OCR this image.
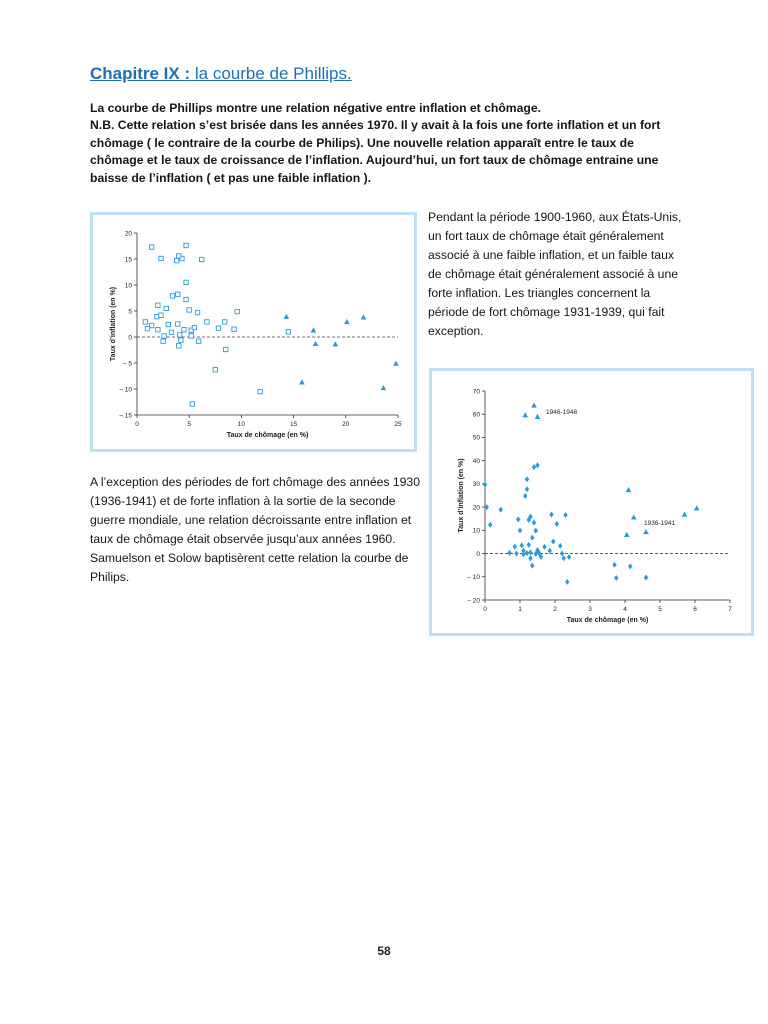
Chapitre IX : la courbe de Phillips.

La courbe de Phillips montre une relation négative entre inflation et chômage.

N.B. Cette relation s’est brisée dans les années 1970. Il y avait à la fois une forte inflation et un fort chômage ( le contraire de la courbe de Philips). Une nouvelle relation apparaît entre le taux de chômage et le taux de croissance de l’inflation. Aujourd’hui, un fort taux de chômage entraine une baisse de l’inflation ( et pas une faible inflation ).

0	5	10	15	20	25
20
15
10
5
0
– 5
– 10
– 15
Taux de chômage (en %)
Taux d’inflation (en %)
Pendant la période 1900-1960, aux États-Unis, un fort taux de chômage était généralement associé à une faible inflation, et un faible taux de chômage était généralement associé à une forte inflation. Les triangles concernent la période de fort chômage 1931-1939, qui fait exception.
0	1	2	3	4	5	6	7
70
60
50
40
30
20
10
0
– 10
– 20
Taux de chômage (en %)
Taux d’inflation (en %)
1946-1948
1936-1941
A l’exception des périodes de fort chômage des années 1930 (1936-1941) et de forte inflation à la sortie de la seconde guerre mondiale, une relation décroissante entre inflation et taux de chômage était observée jusqu’aux années 1960. Samuelson et Solow baptisèrent cette relation la courbe de Philips.
58
